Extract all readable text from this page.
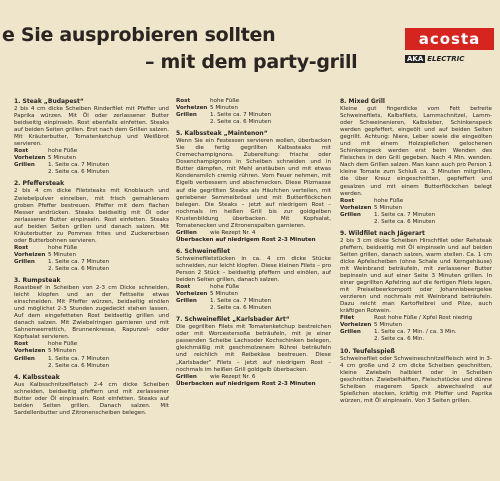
e Sie ausprobieren sollten
– mit dem party-grill
acosta
AKA ELECTRIC
1. Steak „Budapest“
2 bis 4 cm dicke Scheiben Rinderfilet mit Pfeffer und Paprika würzen. Mit Öl oder zerlassener Butter beidseitig einpinseln. Rost ebenfalls einfetten. Steaks auf beiden Seiten grillen. Erst nach dem Grillen salzen. Mit Kräuterbutter, Tomatenketchup und Weißbrot servieren.
Rost	hohe Füße
Vorheizen 5 Minuten
Grillen	1. Seite ca. 7 Minuten
2. Seite ca. 6 Minuten
2. Pfeffersteak
2 bis 4 cm dicke Filetsteaks mit Knoblauch und Zwiebelpulver einreiben, mit frisch gemahlenem groben Pfeffer bestreuen. Pfeffer mit dem flachen Messer andrücken. Steaks beidseitig mit Öl oder zerlassener Butter einpinseln. Rost einfetten. Steaks auf beiden Seiten grillen und danach salzen. Mit Kräuterbutter zu Pommes frites und Zuckererbsen oder Butterbohnen servieren.
Rost	hohe Füße
Vorheizen 5 Minuten
Grillen	1. Seite ca. 7 Minuten
2. Seite ca. 6 Minuten
3. Rumpsteak
Roastbeef in Scheiben von 2-3 cm Dicke schneiden, leicht klopfen und an der Fettseite etwas einschneiden. Mit Pfeffer würzen, beidseitig einölen und möglichst 2-3 Stunden zugedeckt stehen lassen. Auf dem eingefetteten Rost beidseitig grillen und danach salzen. Mit Zwiebelringen garnieren und mit Sahnemeerrettich, Brunnenkresse, Rapunzel- oder Kopfsalat servieren.
Rost	hohe Füße
Vorheizen 5 Minuten
Grillen	1. Seite ca. 7 Minuten
2. Seite ca. 6 Minuten
4. Kalbssteak
Aus Kalbsschnitzelfleisch 2-4 cm dicke Scheiben schneiden, beidseitig pfeffern und mit zerlassener Butter oder Öl einpinseln. Rost einfetten. Steaks auf beiden Seiten grillen. Danach salzen. Mit Sardellenbutter und Zitronenscheiben belegen.
Rost	hohe Füße
Vorheizen 5 Minuten
Grillen	1. Seite ca. 7 Minuten
2. Seite ca. 6 Minuten
5. Kalbssteak „Maintenon“
Wenn Sie ein Festessen servieren wollen, überbacken Sie die fertig gegrillten Kalbssteaks mit Cremechampignons. Zubereitung: frische oder Dosenchampignons in Scheiben schneiden und in Butter dämpfen, mit Mehl anstäuben und mit etwas Kondensmilch cremig rühren. Vom Feuer nehmen, mit Eigelb verbessern und abschmecken. Diese Pilzmasse auf die gegrillten Steaks als Häufchen verteilen, mit geriebener Semmelbrösel und mit Butterflöckchen belegen. Die Steaks – jetzt auf niedrigem Rost – nochmals im heißen Grill bis zur goldgelben Krustenbildung überbacken. Mit Kopfsalat, Tomatenecken und Zitronenspalten garnieren.
Grillen	wie Rezept Nr. 4
Überbacken auf niedrigem Rost 2-3 Minuten
6. Schweinefilet
Schweinefiletstücken in ca. 4 cm dicke Stücke schneiden, nur leicht klopfen. Diese kleinen Filets – pro Person 2 Stück – beidseitig pfeffern und einölen, auf beiden Seiten grillen, danach salzen.
Rost	hohe Füße
Vorheizen 5 Minuten
Grillen	1. Seite ca. 7 Minuten
2. Seite ca. 6 Minuten
7. Schweinefilet „Karlsbader Art“
Die gegrillten Filets mit Tomatenketchup bestreichen oder mit Worcestersoße beträufeln, mit je einer passenden Scheibe Lachsoder Kochschinken belegen, gleichmäßig mit geschmolzenem Rührei beträufeln und reichlich mit Reibekäse bestreuen. Diese „Karlsbader“ Filets – jetzt auf niedrigem Rost – nochmals im heißen Grill goldgelb überbacken.
Grillen	wie Rezept Nr. 6
Überbacken auf niedrigem Rost 2-3 Minuten
8. Mixed Grill
Kleine gut fingerdicke vom Fett befreite Schweinefilets, Kalbsfilets, Lammschnitzel, Lamm- oder Schweinenieren, Kalbsleber, Schinkenspeck werden gepfeffert, eingeölt und auf beiden Seiten gegrillt. Achtung: Niere, Leber sowie die eingeölten und mit einem Holzspießchen gelochenen Schinkenspeck werden erst beim Wenden des Fleisches in den Grill gegeben. Nach 4 Min. wenden. Nach dem Grillen salzen. Man kann auch pro Person 1 kleine Tomate zum Schluß ca. 3 Minuten mitgrillen, die über Kreuz eingeschnitten, gepfeffert und gesalzen und mit einem Butterflöckchen belegt werden.
Rost	hohe Füße
Vorheizen 5 Minuten
Grillen	1. Seite ca. 7 Minuten
2. Seite ca. 6 Minuten
9. Wildfilet nach Jägerart
2 bis 3 cm dicke Scheiben Hirschfilet oder Rehsteak pfeffern, beidseitig mit Öl einpinseln und auf beiden Seiten grillen, danach salzen, warm stellen. Ca. 1 cm dicke Apfelscheiben (ohne Schale und Kerngehäuse) mit Weinbrand beträufeln, mit zerlassener Butter bepinseln und auf einer Seite 3 Minuten grillen. In einer gegrillten Apfelring auf die fertigen Filets legen, mit Preiselbeerkompott oder Johannisbeergelee verzieren und nochmals mit Weinbrand beträufeln. Dazu reicht man Kartoffelbrei und Pilze, auch kräftigen Rotwein.
Filet	Rost hohe Füße / Xpfel Rost niedrig
Vorheizen 5 Minuten
Grillen	1. Seite ca. 7 Min. / ca. 3 Min.
2. Seite ca. 6 Min.
10. Teufelsspieß
Schweinefilet oder Schweineschnitzelfleisch wird in 3-4 cm große und 2 cm dicke Scheiben geschnitten, kleine Zwiebeln halbiert oder in Scheiben geschnitten. Zwiebelhälften, Fleischstücke und dünne Scheiben magerem Speck abwechselnd auf Spießchen stecken, kräftig mit Pfeffer und Paprika würzen, mit Öl einpinseln. Von 3 Seiten grillen.
